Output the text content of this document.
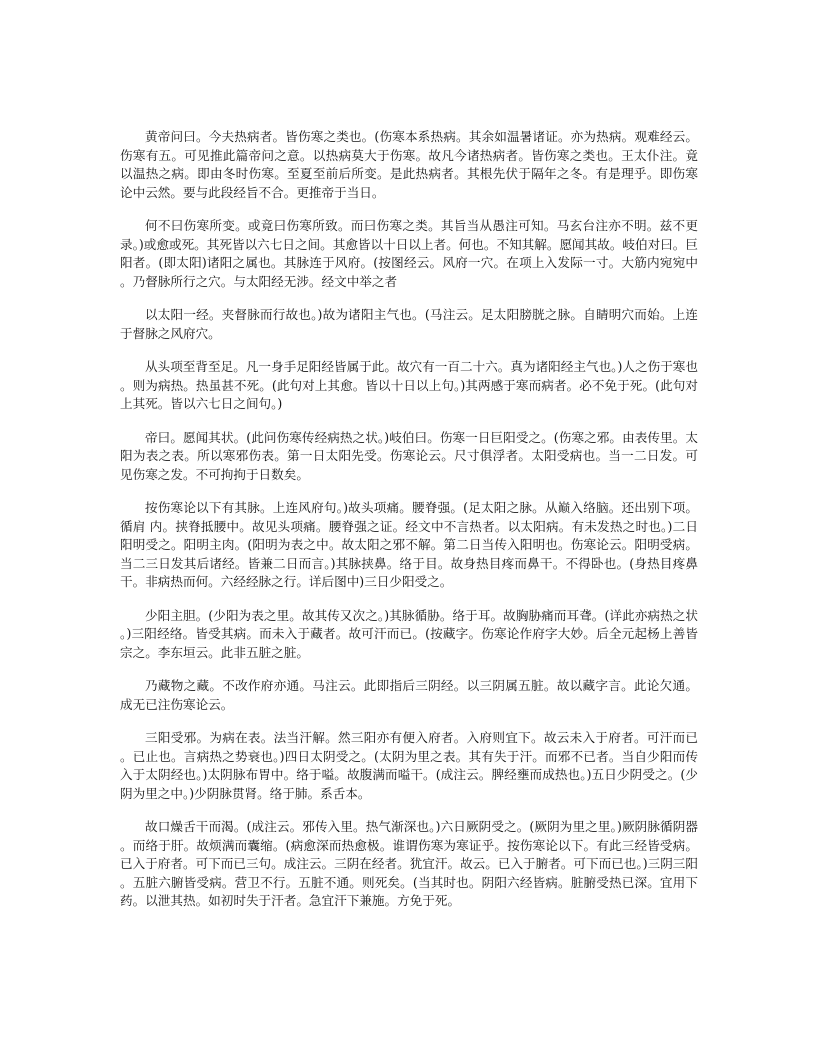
黄帝问曰。今夫热病者。皆伤寒之类也。(伤寒本系热病。其余如温暑诸证。亦为热病。观难经云。伤寒有五。可见推此篇帝问之意。以热病莫大于伤寒。故凡今诸热病者。皆伤寒之类也。王太仆注。竟以温热之病。即由冬时伤寒。至夏至前后所变。是此热病者。其根先伏于隔年之冬。有是理乎。即伤寒论中云然。要与此段经旨不合。更推帝于当日。

何不曰伤寒所变。或竟曰伤寒所致。而曰伤寒之类。其旨当从愚注可知。马玄台注亦不明。兹不更录。)或愈或死。其死皆以六七日之间。其愈皆以十日以上者。何也。不知其解。愿闻其故。岐伯对曰。巨阳者。(即太阳)诸阳之属也。其脉连于风府。(按图经云。风府一穴。在项上入发际一寸。大筋内宛宛中。乃督脉所行之穴。与太阳经无涉。经文中举之者

以太阳一经。夹督脉而行故也。)故为诸阳主气也。(马注云。足太阳膀胱之脉。自睛明穴而始。上连于督脉之风府穴。

从头项至背至足。凡一身手足阳经皆属于此。故穴有一百二十六。真为诸阳经主气也。)人之伤于寒也。则为病热。热虽甚不死。(此句对上其愈。皆以十日以上句。)其两感于寒而病者。必不免于死。(此句对上其死。皆以六七日之间句。)

帝曰。愿闻其状。(此问伤寒传经病热之状。)岐伯曰。伤寒一日巨阳受之。(伤寒之邪。由表传里。太阳为表之表。所以寒邪伤表。第一日太阳先受。伤寒论云。尺寸俱浮者。太阳受病也。当一二日发。可见伤寒之发。不可拘拘于日数矣。

按伤寒论以下有其脉。上连风府句。)故头项痛。腰脊强。(足太阳之脉。从巅入络脑。还出别下项。循肩 内。挟脊抵腰中。故见头项痛。腰脊强之证。经文中不言热者。以太阳病。有未发热之时也。)二日阳明受之。阳明主肉。(阳明为表之中。故太阳之邪不解。第二日当传入阳明也。伤寒论云。阳明受病。当二三日发其后诸经。皆兼二日而言。)其脉挟鼻。络于目。故身热目疼而鼻干。不得卧也。(身热目疼鼻干。非病热而何。六经经脉之行。详后图中)三日少阳受之。

少阳主胆。(少阳为表之里。故其传又次之。)其脉循胁。络于耳。故胸胁痛而耳聋。(详此亦病热之状。)三阳经络。皆受其病。而未入于藏者。故可汗而已。(按藏字。伤寒论作府字大妙。后全元起杨上善皆宗之。李东垣云。此非五脏之脏。

乃藏物之藏。不改作府亦通。马注云。此即指后三阴经。以三阴属五脏。故以藏字言。此论欠通。成无已注伤寒论云。

三阳受邪。为病在表。法当汗解。然三阳亦有便入府者。入府则宜下。故云未入于府者。可汗而已。已止也。言病热之势衰也。)四日太阴受之。(太阴为里之表。其有失于汗。而邪不已者。当自少阳而传入于太阴经也。)太阴脉布胃中。络于嗌。故腹满而嗌干。(成注云。脾经壅而成热也。)五日少阴受之。(少阴为里之中。)少阴脉贯肾。络于肺。系舌本。

故口燥舌干而渴。(成注云。邪传入里。热气渐深也。)六日厥阴受之。(厥阴为里之里。)厥阴脉循阴器。而络于肝。故烦满而囊缩。(病愈深而热愈极。谁谓伤寒为寒证乎。按伤寒论以下。有此三经皆受病。已入于府者。可下而已三句。成注云。三阴在经者。犹宜汗。故云。已入于腑者。可下而已也。)三阴三阳。五脏六腑皆受病。营卫不行。五脏不通。则死矣。(当其时也。阴阳六经皆病。脏腑受热已深。宜用下药。以泄其热。如初时失于汗者。急宜汗下兼施。方免于死。
